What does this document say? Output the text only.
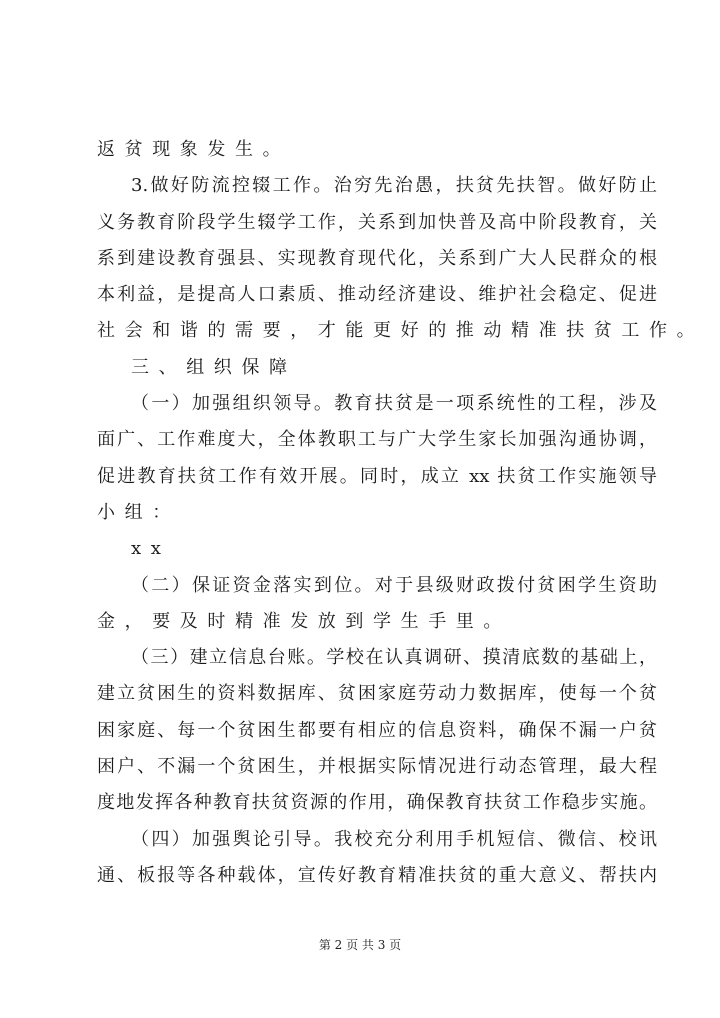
返贫现象发生。
3.做好防流控辍工作。治穷先治愚，扶贫先扶智。做好防止
义务教育阶段学生辍学工作，关系到加快普及高中阶段教育，关
系到建设教育强县、实现教育现代化，关系到广大人民群众的根
本利益，是提高人口素质、推动经济建设、维护社会稳定、促进
社会和谐的需要，才能更好的推动精准扶贫工作。
三、组织保障
（一）加强组织领导。教育扶贫是一项系统性的工程，涉及
面广、工作难度大，全体教职工与广大学生家长加强沟通协调，
促进教育扶贫工作有效开展。同时，成立 xx 扶贫工作实施领导
小组：
xx
（二）保证资金落实到位。对于县级财政拨付贫困学生资助
金，要及时精准发放到学生手里。
（三）建立信息台账。学校在认真调研、摸清底数的基础上，
建立贫困生的资料数据库、贫困家庭劳动力数据库，使每一个贫
困家庭、每一个贫困生都要有相应的信息资料，确保不漏一户贫
困户、不漏一个贫困生，并根据实际情况进行动态管理，最大程
度地发挥各种教育扶贫资源的作用，确保教育扶贫工作稳步实施。
（四）加强舆论引导。我校充分利用手机短信、微信、校讯
通、板报等各种载体，宣传好教育精准扶贫的重大意义、帮扶内
第 2 页 共 3 页
